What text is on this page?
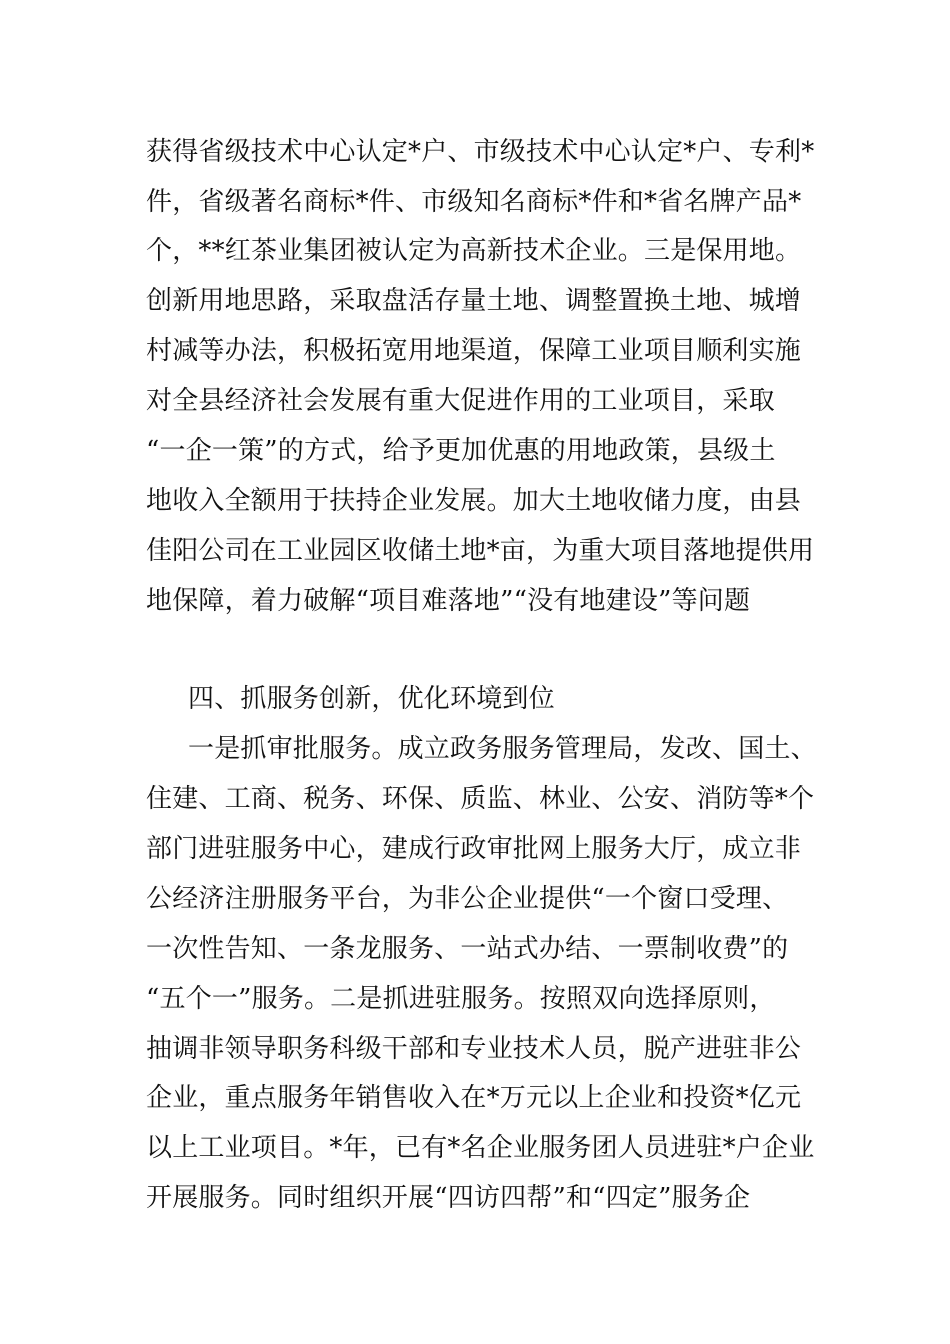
获得省级技术中心认定*户、市级技术中心认定*户、专利*
件，省级著名商标*件、市级知名商标*件和*省名牌产品*
个，**红茶业集团被认定为高新技术企业。三是保用地。
创新用地思路，采取盘活存量土地、调整置换土地、城增
村减等办法，积极拓宽用地渠道，保障工业项目顺利实施
对全县经济社会发展有重大促进作用的工业项目，采取
“一企一策”的方式，给予更加优惠的用地政策，县级土
地收入全额用于扶持企业发展。加大土地收储力度，由县
佳阳公司在工业园区收储土地*亩，为重大项目落地提供用
地保障，着力破解“项目难落地”“没有地建设”等问题
四、抓服务创新，优化环境到位
一是抓审批服务。成立政务服务管理局，发改、国土、
住建、工商、税务、环保、质监、林业、公安、消防等*个
部门进驻服务中心，建成行政审批网上服务大厅，成立非
公经济注册服务平台，为非公企业提供“一个窗口受理、
一次性告知、一条龙服务、一站式办结、一票制收费”的
“五个一”服务。二是抓进驻服务。按照双向选择原则，
抽调非领导职务科级干部和专业技术人员，脱产进驻非公
企业，重点服务年销售收入在*万元以上企业和投资*亿元
以上工业项目。*年，已有*名企业服务团人员进驻*户企业
开展服务。同时组织开展“四访四帮”和“四定”服务企
